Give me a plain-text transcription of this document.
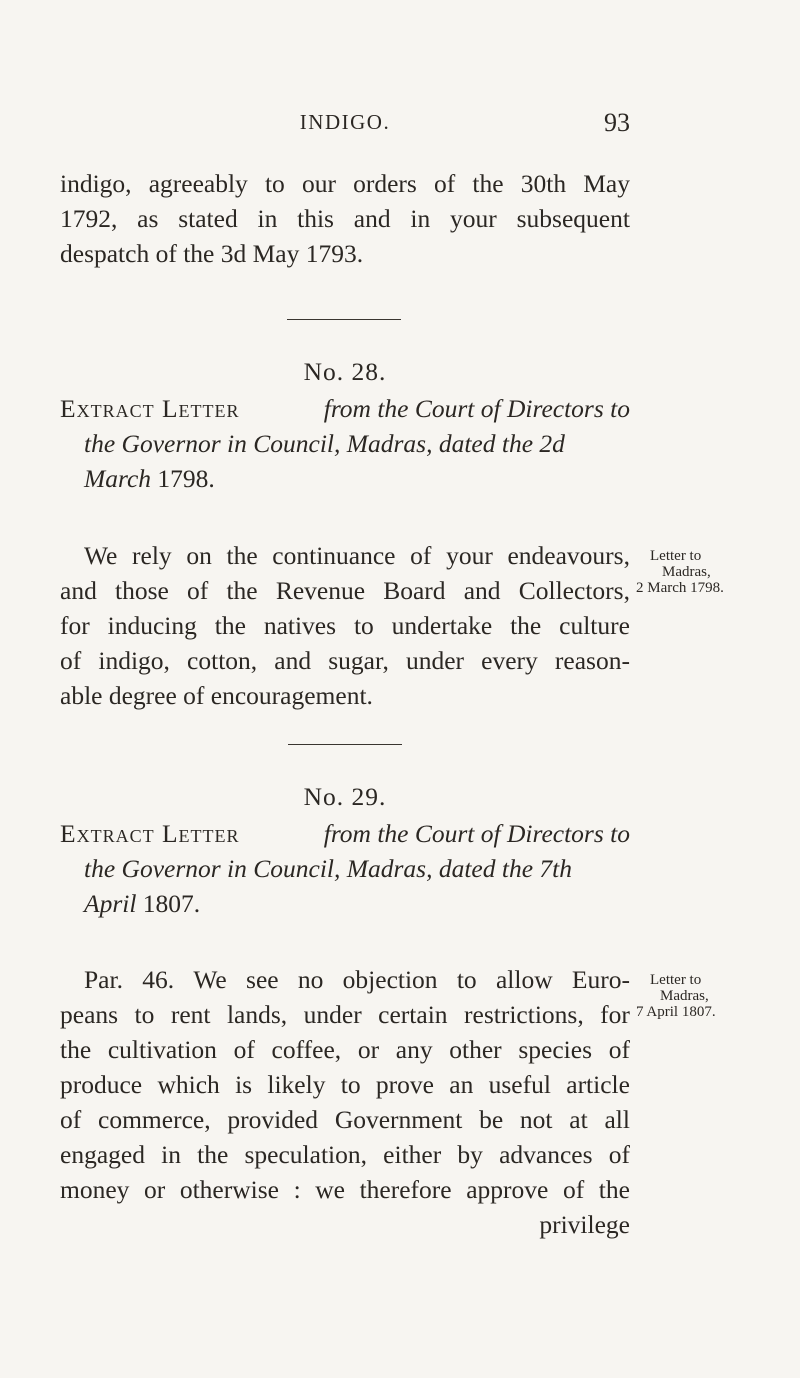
INDIGO.	93
indigo, agreeably to our orders of the 30th May
1792, as stated in this and in your subsequent
despatch of the 3d May 1793.
No. 28.
Extract Letter	from the Court of Directors to
the Governor in Council, Madras, dated the 2d
March 1798.
We rely on the continuance of your endeavours,
and those of the Revenue Board and Collectors,
for inducing the natives to undertake the culture
of indigo, cotton, and sugar, under every reason-
able degree of encouragement.
Letter to
Madras,
2 March 1798.
No. 29.
Extract Letter	from the Court of Directors to
the Governor in Council, Madras, dated the 7th
April 1807.
Par. 46. We see no objection to allow Euro-
peans to rent lands, under certain restrictions, for
the cultivation of coffee, or any other species of
produce which is likely to prove an useful article
of commerce, provided Government be not at all
engaged in the speculation, either by advances of
money or otherwise : we therefore approve of the
privilege
Letter to
Madras,
7 April 1807.
